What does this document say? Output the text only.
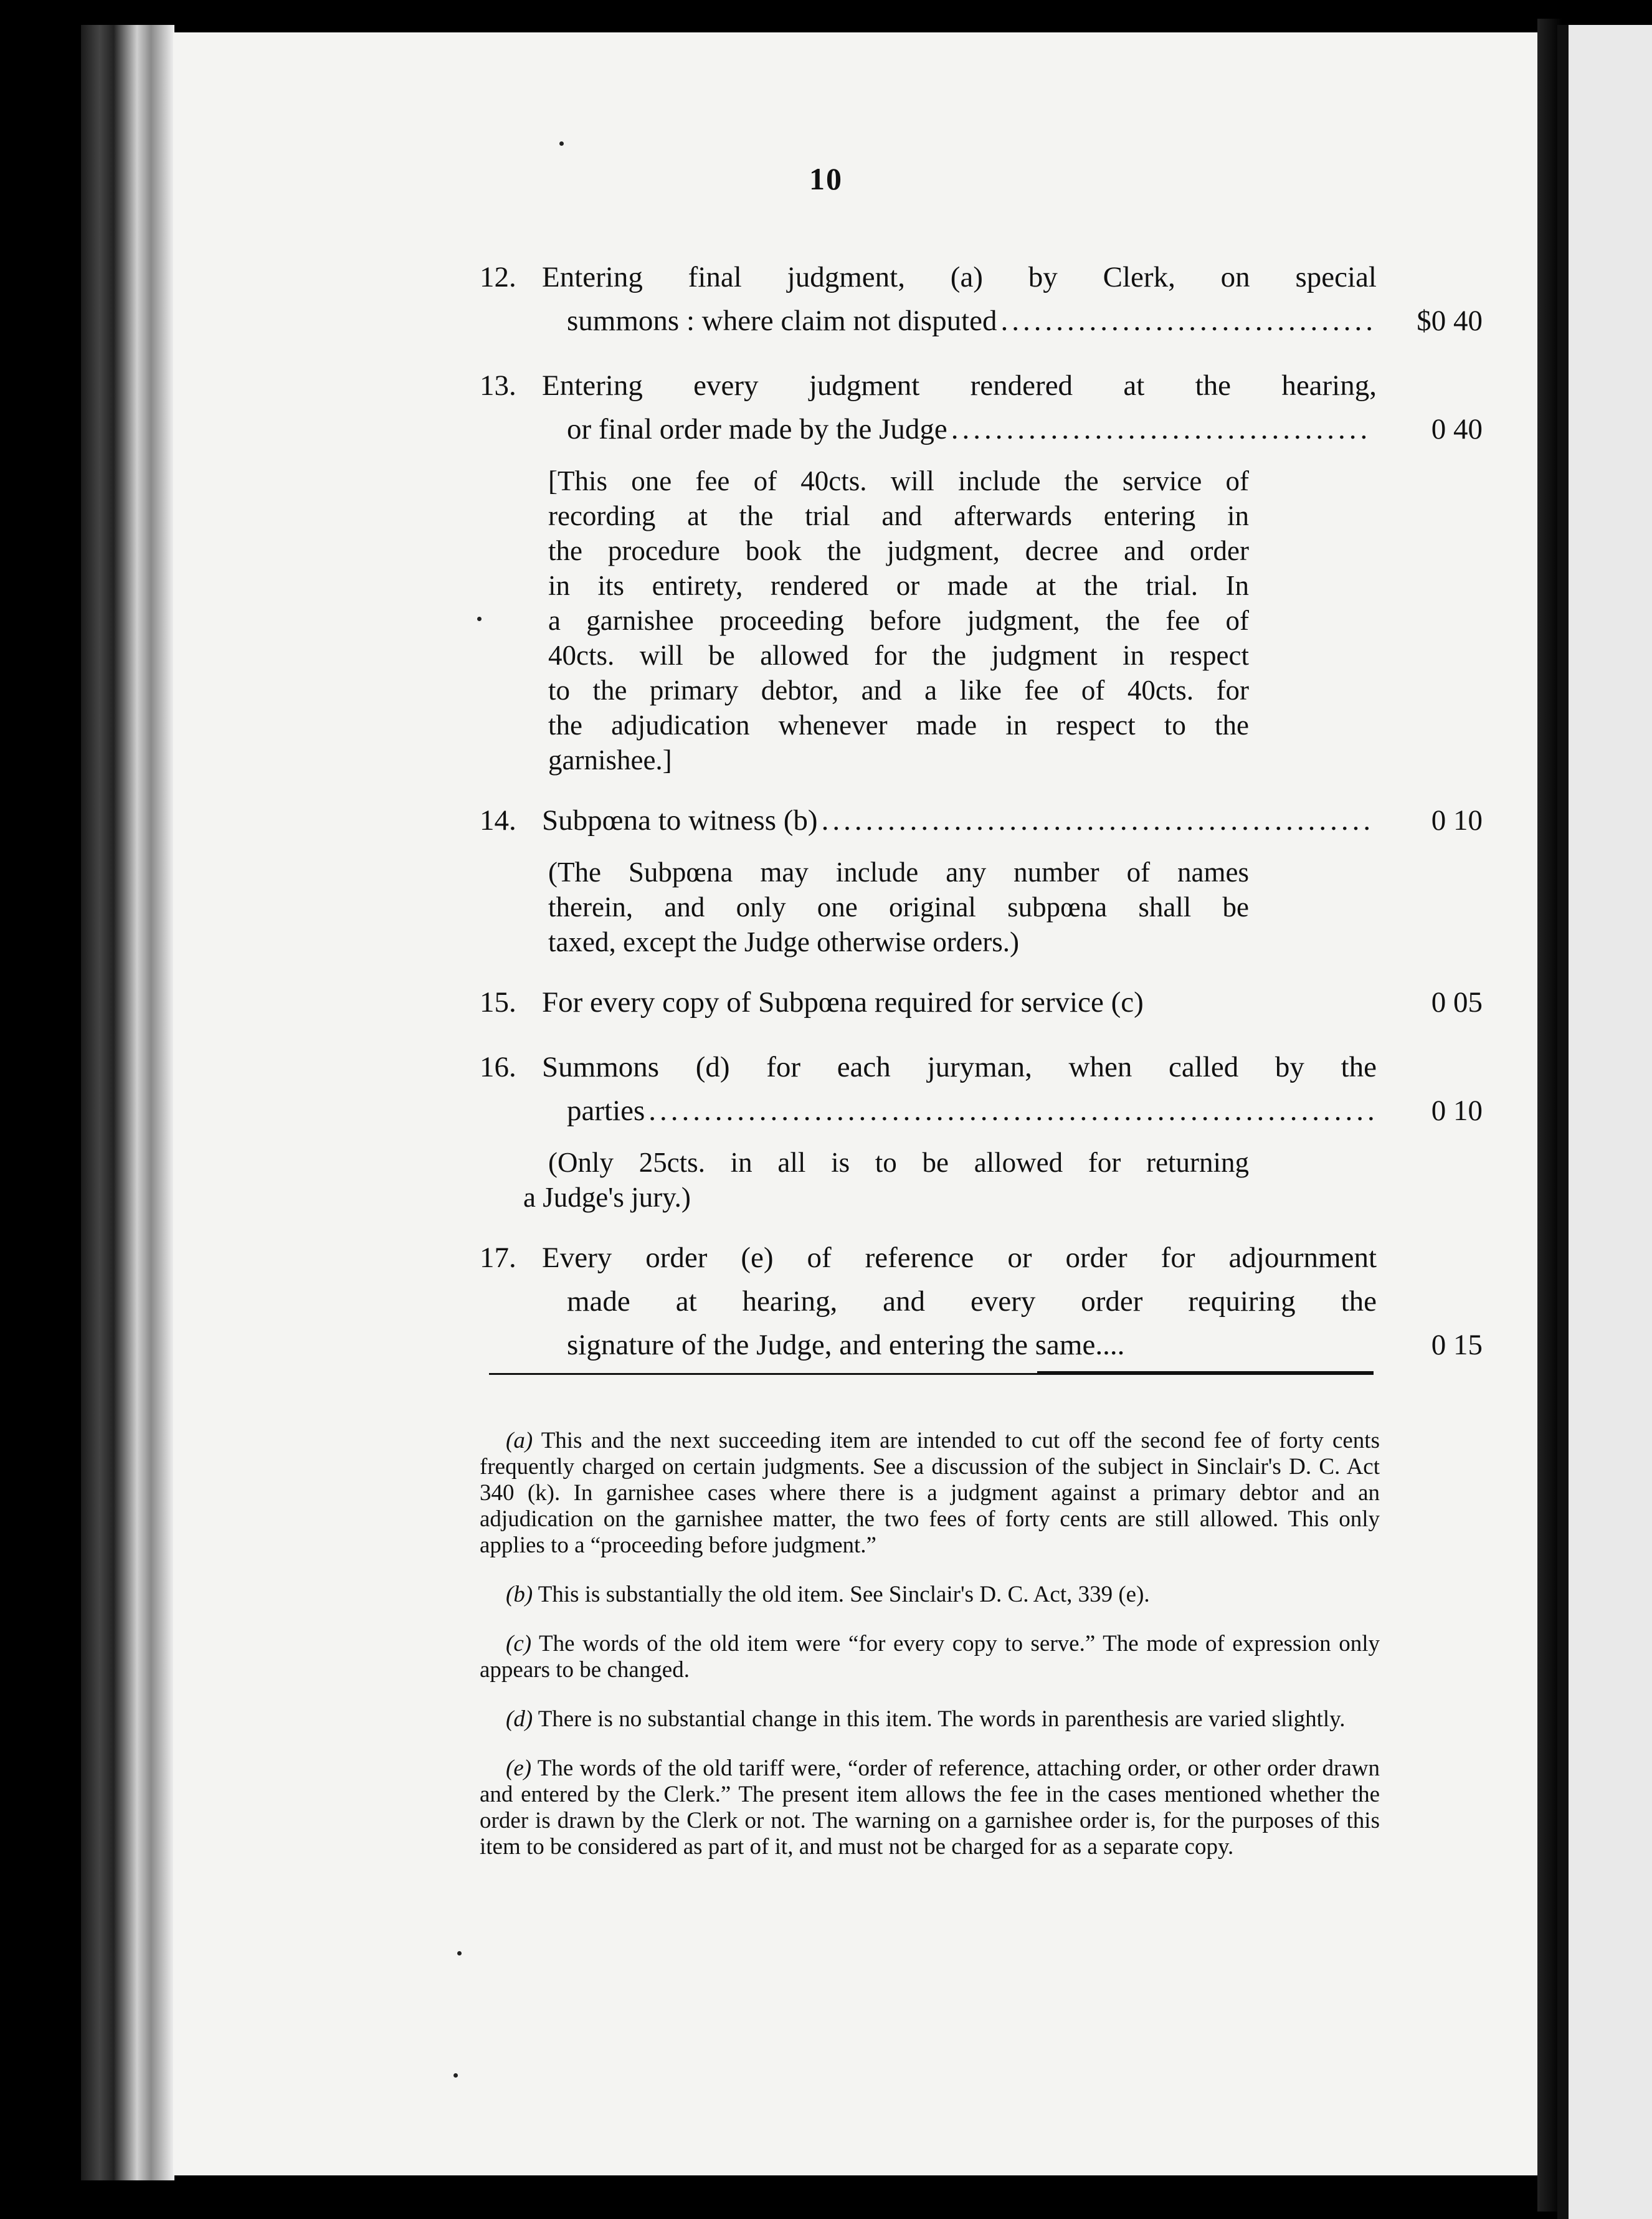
10
12. Entering final judgment, (a) by Clerk, on special
summons : where claim not disputed .....	$0 40
13. Entering every judgment rendered at the hearing,
or final order made by the Judge .....	0 40
[This one fee of 40cts. will include the service of
recording at the trial and afterwards entering in
the procedure book the judgment, decree and order
in its entirety, rendered or made at the trial. In
a garnishee proceeding before judgment, the fee of
40cts. will be allowed for the judgment in respect
to the primary debtor, and a like fee of 40cts. for
the adjudication whenever made in respect to the
garnishee.]
14. Subpœna to witness (b) .....	0 10
(The Subpœna may include any number of names
therein, and only one original subpœna shall be
taxed, except the Judge otherwise orders.)
15. For every copy of Subpœna required for service (c)	0 05
16. Summons (d) for each juryman, when called by the
parties .....	0 10
(Only 25cts. in all is to be allowed for returning
a Judge's jury.)
17. Every order (e) of reference or order for adjournment
made at hearing, and every order requiring the
signature of the Judge, and entering the same....	0 15

(a) This and the next succeeding item are intended to cut off the second fee of forty cents frequently charged on certain judgments. See a discussion of the subject in Sinclair's D. C. Act 340 (k). In garnishee cases where there is a judgment against a primary debtor and an adjudication on the garnishee matter, the two fees of forty cents are still allowed. This only applies to a “proceeding before judgment.”

(b) This is substantially the old item. See Sinclair's D. C. Act, 339 (e).

(c) The words of the old item were “for every copy to serve.” The mode of expression only appears to be changed.

(d) There is no substantial change in this item. The words in parenthesis are varied slightly.

(e) The words of the old tariff were, “order of reference, attaching order, or other order drawn and entered by the Clerk.” The present item allows the fee in the cases mentioned whether the order is drawn by the Clerk or not. The warning on a garnishee order is, for the purposes of this item to be considered as part of it, and must not be charged for as a separate copy.
